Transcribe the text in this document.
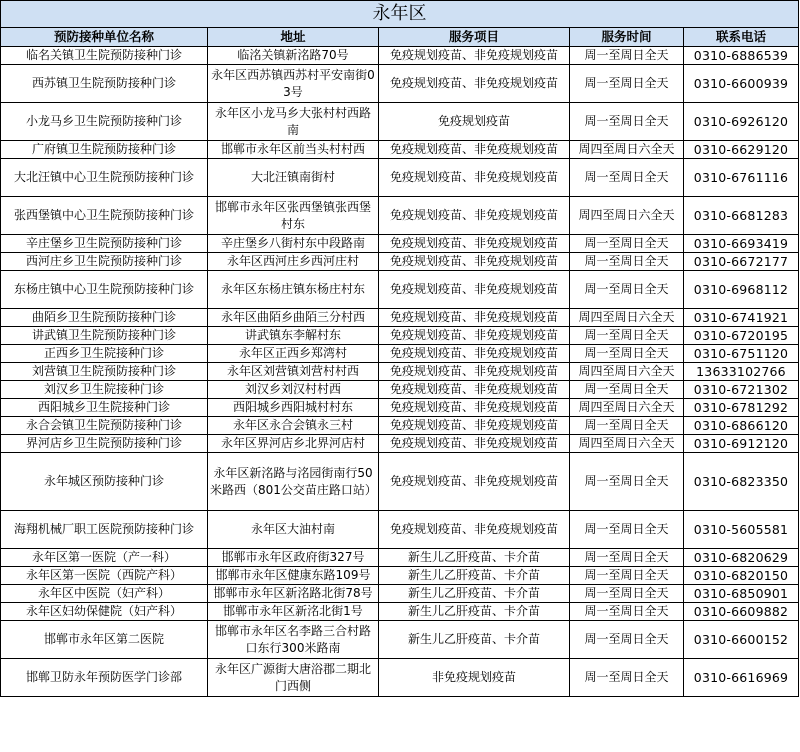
永年区				
预防接种单位名称	地址	服务项目	服务时间	联系电话
临名关镇卫生院预防接种门诊	临洺关镇新洺路70号	免疫规划疫苗、非免疫规划疫苗	周一至周日全天	0310-6886539
西苏镇卫生院预防接种门诊	永年区西苏镇西苏村平安南街03号	免疫规划疫苗、非免疫规划疫苗	周一至周日全天	0310-6600939
小龙马乡卫生院预防接种门诊	永年区小龙马乡大张村村西路南	免疫规划疫苗	周一至周日全天	0310-6926120
广府镇卫生院预防接种门诊	邯郸市永年区前当头村村西	免疫规划疫苗、非免疫规划疫苗	周四至周日六全天	0310-6629120
大北汪镇中心卫生院预防接种门诊	大北汪镇南街村	免疫规划疫苗、非免疫规划疫苗	周一至周日全天	0310-6761116
张西堡镇中心卫生院预防接种门诊	邯郸市永年区张西堡镇张西堡村东	免疫规划疫苗、非免疫规划疫苗	周四至周日六全天	0310-6681283
辛庄堡乡卫生院预防接种门诊	辛庄堡乡八街村东中段路南	免疫规划疫苗、非免疫规划疫苗	周一至周日全天	0310-6693419
西河庄乡卫生院预防接种门诊	永年区西河庄乡西河庄村	免疫规划疫苗、非免疫规划疫苗	周一至周日全天	0310-6672177
东杨庄镇中心卫生院预防接种门诊	永年区东杨庄镇东杨庄村东	免疫规划疫苗、非免疫规划疫苗	周一至周日全天	0310-6968112
曲陌乡卫生院预防接种门诊	永年区曲陌乡曲陌三分村西	免疫规划疫苗、非免疫规划疫苗	周四至周日六全天	0310-6741921
讲武镇卫生院预防接种门诊	讲武镇东李解村东	免疫规划疫苗、非免疫规划疫苗	周一至周日全天	0310-6720195
正西乡卫生院接种门诊	永年区正西乡郑湾村	免疫规划疫苗、非免疫规划疫苗	周一至周日全天	0310-6751120
刘营镇卫生院预防接种门诊	永年区刘营镇刘营村村西	免疫规划疫苗、非免疫规划疫苗	周四至周日六全天	13633102766
刘汉乡卫生院接种门诊	刘汉乡刘汉村村西	免疫规划疫苗、非免疫规划疫苗	周一至周日全天	0310-6721302
西阳城乡卫生院接种门诊	西阳城乡西阳城村村东	免疫规划疫苗、非免疫规划疫苗	周四至周日六全天	0310-6781292
永合会镇卫生院预防接种门诊	永年区永合会镇永三村	免疫规划疫苗、非免疫规划疫苗	周一至周日全天	0310-6866120
界河店乡卫生院预防接种门诊	永年区界河店乡北界河店村	免疫规划疫苗、非免疫规划疫苗	周四至周日六全天	0310-6912120
永年城区预防接种门诊	永年区新洺路与洺园街南行50米路西（801公交苗庄路口站）	免疫规划疫苗、非免疫规划疫苗	周一至周日全天	0310-6823350
海翔机械厂职工医院预防接种门诊	永年区大油村南	免疫规划疫苗、非免疫规划疫苗	周一至周日全天	0310-5605581
永年区第一医院（产一科）	邯郸市永年区政府街327号	新生儿乙肝疫苗、卡介苗	周一至周日全天	0310-6820629
永年区第一医院（西院产科）	邯郸市永年区健康东路109号	新生儿乙肝疫苗、卡介苗	周一至周日全天	0310-6820150
永年区中医院（妇产科）	邯郸市永年区新洺路北街78号	新生儿乙肝疫苗、卡介苗	周一至周日全天	0310-6850901
永年区妇幼保健院（妇产科）	邯郸市永年区新洺北街1号	新生儿乙肝疫苗、卡介苗	周一至周日全天	0310-6609882
邯郸市永年区第二医院	邯郸市永年区名李路三合村路口东行300米路南	新生儿乙肝疫苗、卡介苗	周一至周日全天	0310-6600152
邯郸卫防永年预防医学门诊部	永年区广源街大唐浴郡二期北门西侧	非免疫规划疫苗	周一至周日全天	0310-6616969
